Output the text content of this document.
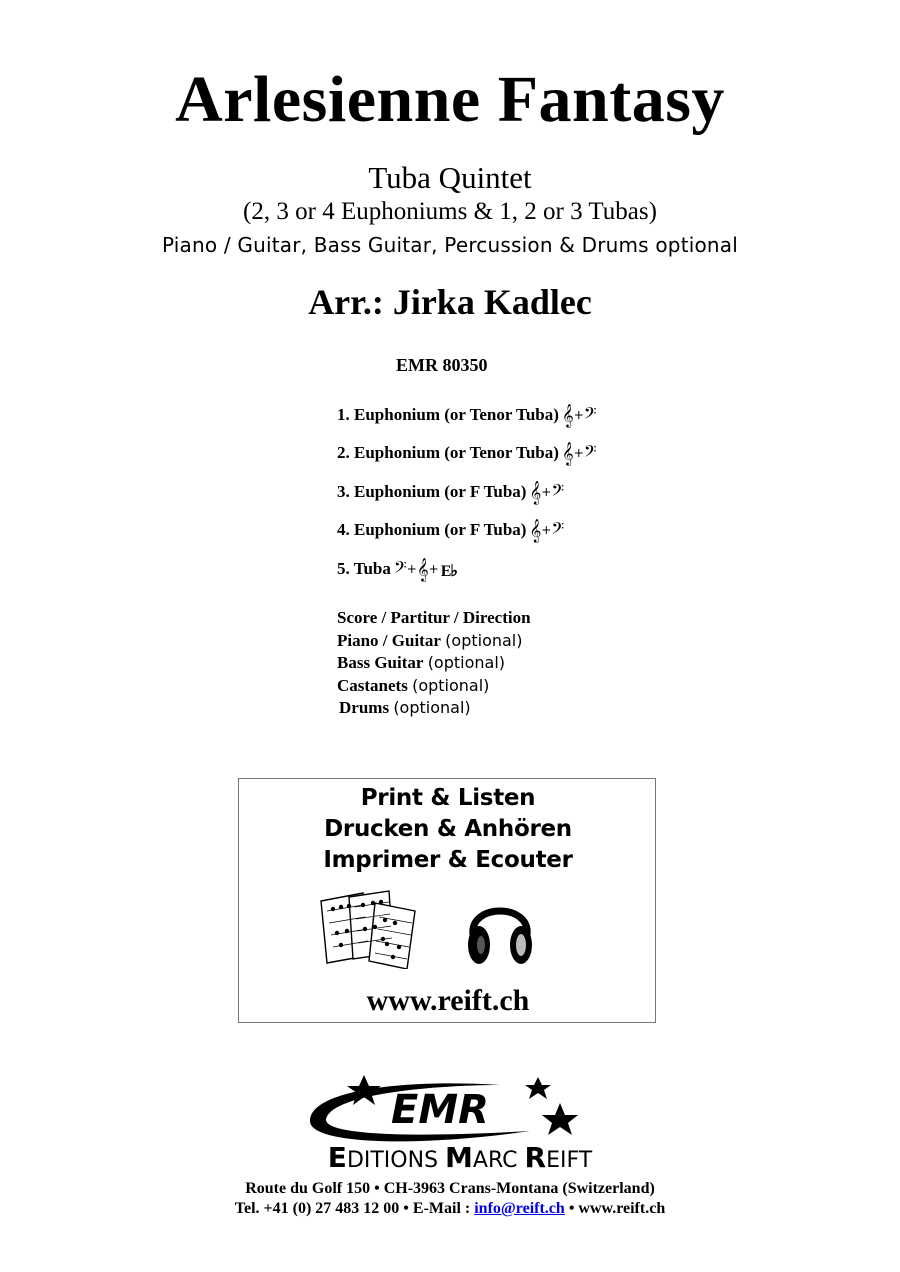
Arlesienne Fantasy
Tuba Quintet
(2, 3 or 4 Euphoniums & 1, 2 or 3 Tubas)
Piano / Guitar, Bass Guitar, Percussion & Drums optional
Arr.: Jirka Kadlec
EMR 80350
1. Euphonium (or Tenor Tuba) 𝄞+𝄢
2. Euphonium (or Tenor Tuba) 𝄞+𝄢
3. Euphonium (or F Tuba) 𝄞+𝄢
4. Euphonium (or F Tuba) 𝄞+𝄢
5. Tuba 𝄢+𝄞+ E♭
Score / Partitur / Direction
Piano / Guitar (optional)
Bass Guitar (optional)
Castanets (optional)
Drums (optional)
Print & Listen
Drucken & Anhören
Imprimer & Ecouter
www.reift.ch
EMR
EDITIONS MARC REIFT
Route du Golf 150 • CH-3963 Crans-Montana (Switzerland)
Tel. +41 (0) 27 483 12 00 • E-Mail : info@reift.ch • www.reift.ch
